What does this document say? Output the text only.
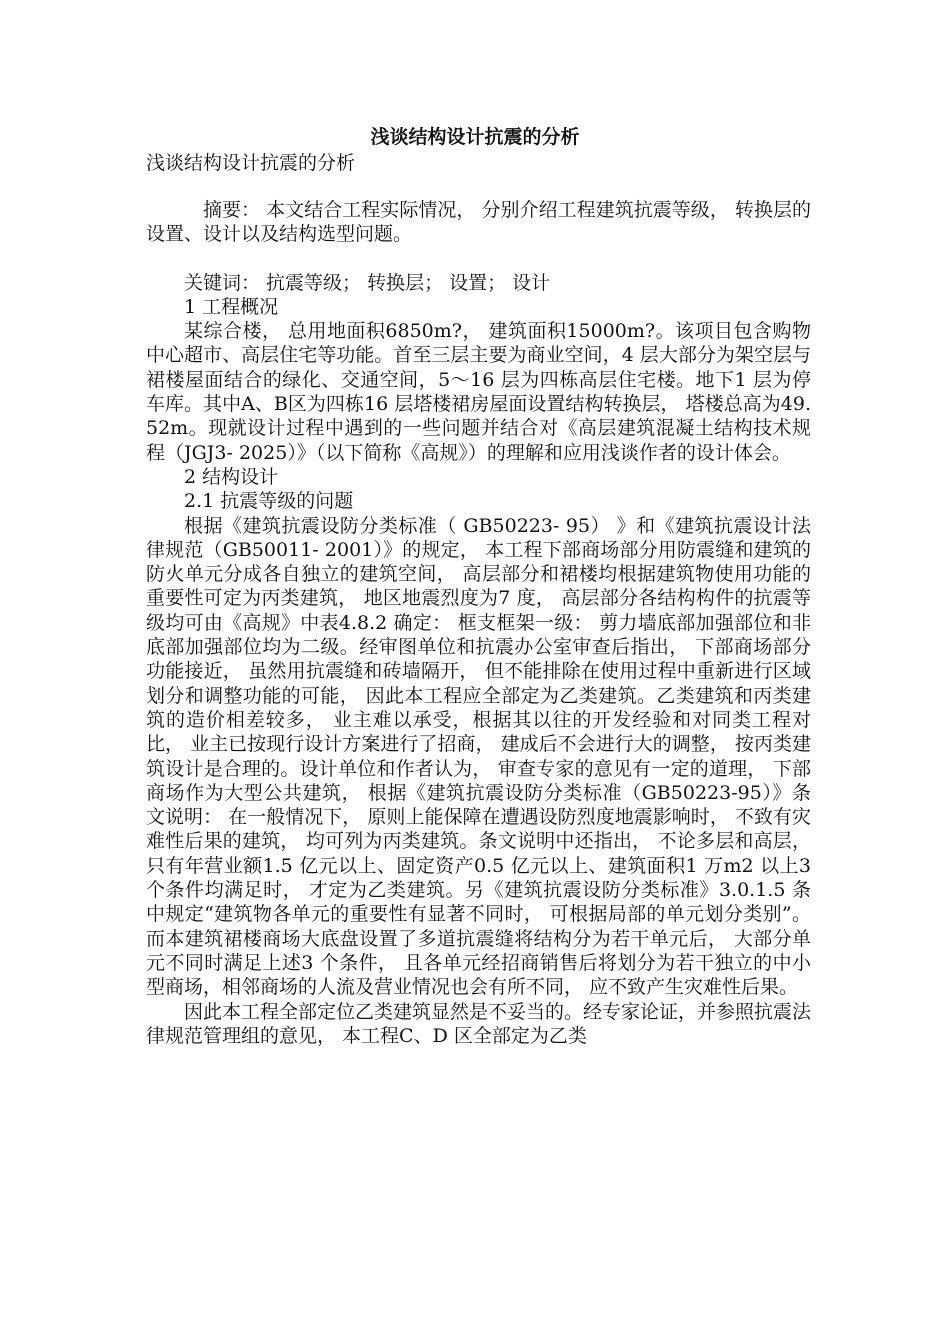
浅谈结构设计抗震的分析
浅谈结构设计抗震的分析

摘要： 本文结合工程实际情况， 分别介绍工程建筑抗震等级， 转换层的设置、设计以及结构选型问题。

关键词： 抗震等级； 转换层； 设置； 设计

1 工程概况

某综合楼， 总用地面积6850m?， 建筑面积15000m?。该项目包含购物中心超市、高层住宅等功能。首至三层主要为商业空间，4 层大部分为架空层与裙楼屋面结合的绿化、交通空间，5～16 层为四栋高层住宅楼。地下1 层为停车库。其中A、B区为四栋16 层塔楼裙房屋面设置结构转换层， 塔楼总高为49.52m。现就设计过程中遇到的一些问题并结合对《高层建筑混凝土结构技术规程（JGJ3- 2025）》（以下简称《高规》）的理解和应用浅谈作者的设计体会。

2 结构设计

2.1 抗震等级的问题

根据《建筑抗震设防分类标准（ GB50223- 95） 》和《建筑抗震设计法律规范（GB50011- 2001）》的规定， 本工程下部商场部分用防震缝和建筑的防火单元分成各自独立的建筑空间， 高层部分和裙楼均根据建筑物使用功能的重要性可定为丙类建筑， 地区地震烈度为7 度， 高层部分各结构构件的抗震等级均可由《高规》中表4.8.2 确定： 框支框架一级： 剪力墙底部加强部位和非底部加强部位均为二级。经审图单位和抗震办公室审查后指出， 下部商场部分功能接近， 虽然用抗震缝和砖墙隔开， 但不能排除在使用过程中重新进行区域划分和调整功能的可能， 因此本工程应全部定为乙类建筑。乙类建筑和丙类建筑的造价相差较多， 业主难以承受，根据其以往的开发经验和对同类工程对比， 业主已按现行设计方案进行了招商， 建成后不会进行大的调整， 按丙类建筑设计是合理的。设计单位和作者认为， 审查专家的意见有一定的道理， 下部商场作为大型公共建筑， 根据《建筑抗震设防分类标准（GB50223-95）》条文说明： 在一般情况下， 原则上能保障在遭遇设防烈度地震影响时， 不致有灾难性后果的建筑， 均可列为丙类建筑。条文说明中还指出， 不论多层和高层， 只有年营业额1.5 亿元以上、固定资产0.5 亿元以上、建筑面积1 万m2 以上3 个条件均满足时， 才定为乙类建筑。另《建筑抗震设防分类标准》3.0.1.5 条中规定“建筑物各单元的重要性有显著不同时， 可根据局部的单元划分类别”。而本建筑裙楼商场大底盘设置了多道抗震缝将结构分为若干单元后， 大部分单元不同时满足上述3 个条件， 且各单元经招商销售后将划分为若干独立的中小型商场，相邻商场的人流及营业情况也会有所不同， 应不致产生灾难性后果。

因此本工程全部定位乙类建筑显然是不妥当的。经专家论证，并参照抗震法律规范管理组的意见， 本工程C、D 区全部定为乙类
